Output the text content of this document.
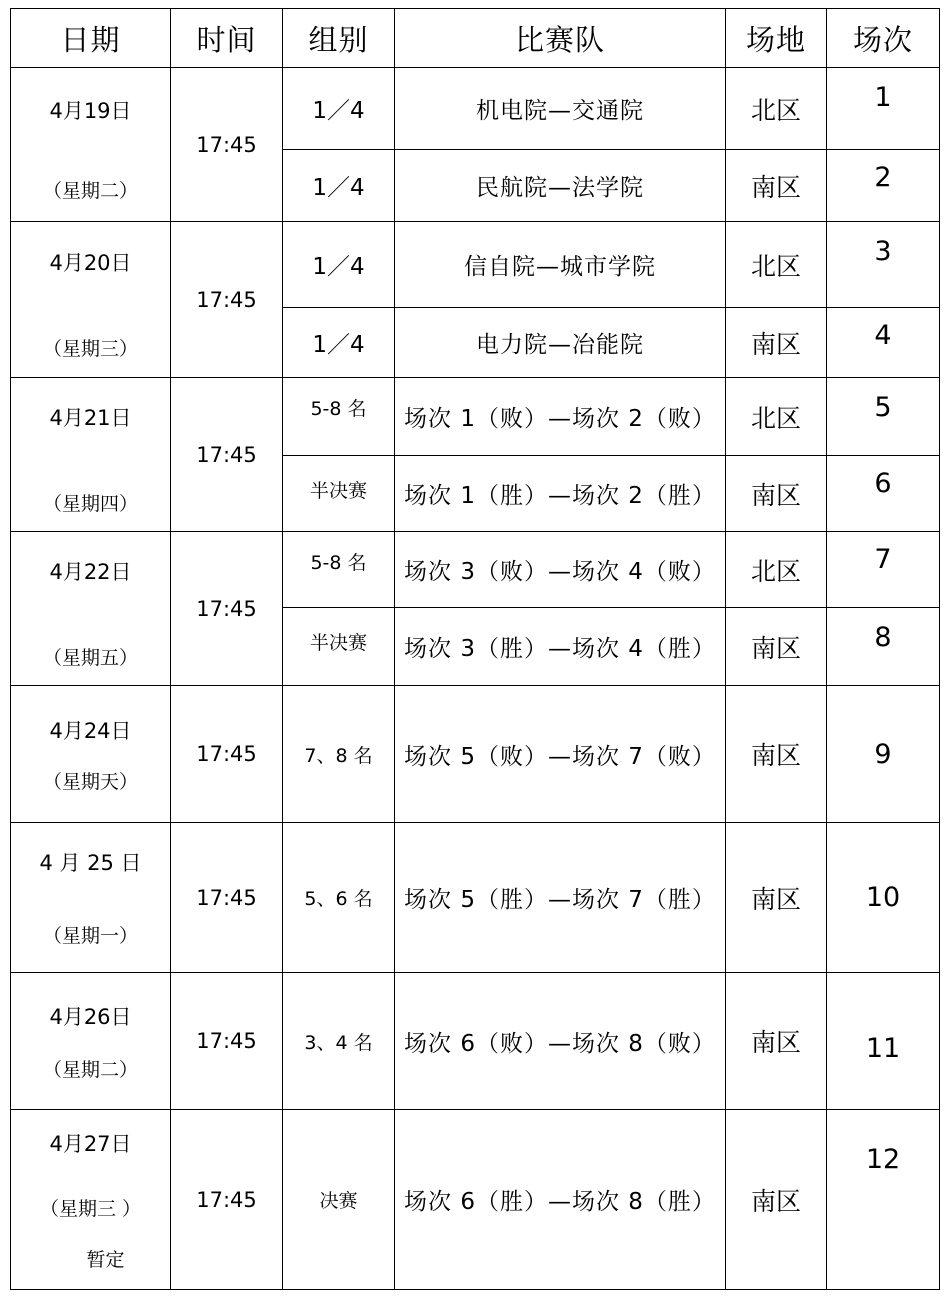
日期	时间	组别	比赛队	场地	场次

4月19日
（星期二）	17:45	1／4	机电院—交通院	北区	1
		1／4	民航院—法学院	南区	2

4月20日
（星期三）	17:45	1／4	信自院—城市学院	北区	3
		1／4	电力院—冶能院	南区	4

4月21日
（星期四）	17:45	5-8 名	场次 1（败）—场次 2（败）	北区	5
		半决赛	场次 1（胜）—场次 2（胜）	南区	6

4月22日
（星期五）	17:45	5-8 名	场次 3（败）—场次 4（败）	北区	7
		半决赛	场次 3（胜）—场次 4（胜）	南区	8

4月24日
（星期天）	17:45	7、8 名	场次 5（败）—场次 7（败）	南区	9

4 月 25 日
（星期一）	17:45	5、6 名	场次 5（胜）—场次 7（胜）	南区	10

4月26日
（星期二）	17:45	3、4 名	场次 6（败）—场次 8（败）	南区	11

4月27日
（星期三 ）
暂定	17:45	决赛	场次 6（胜）—场次 8（胜）	南区	12
